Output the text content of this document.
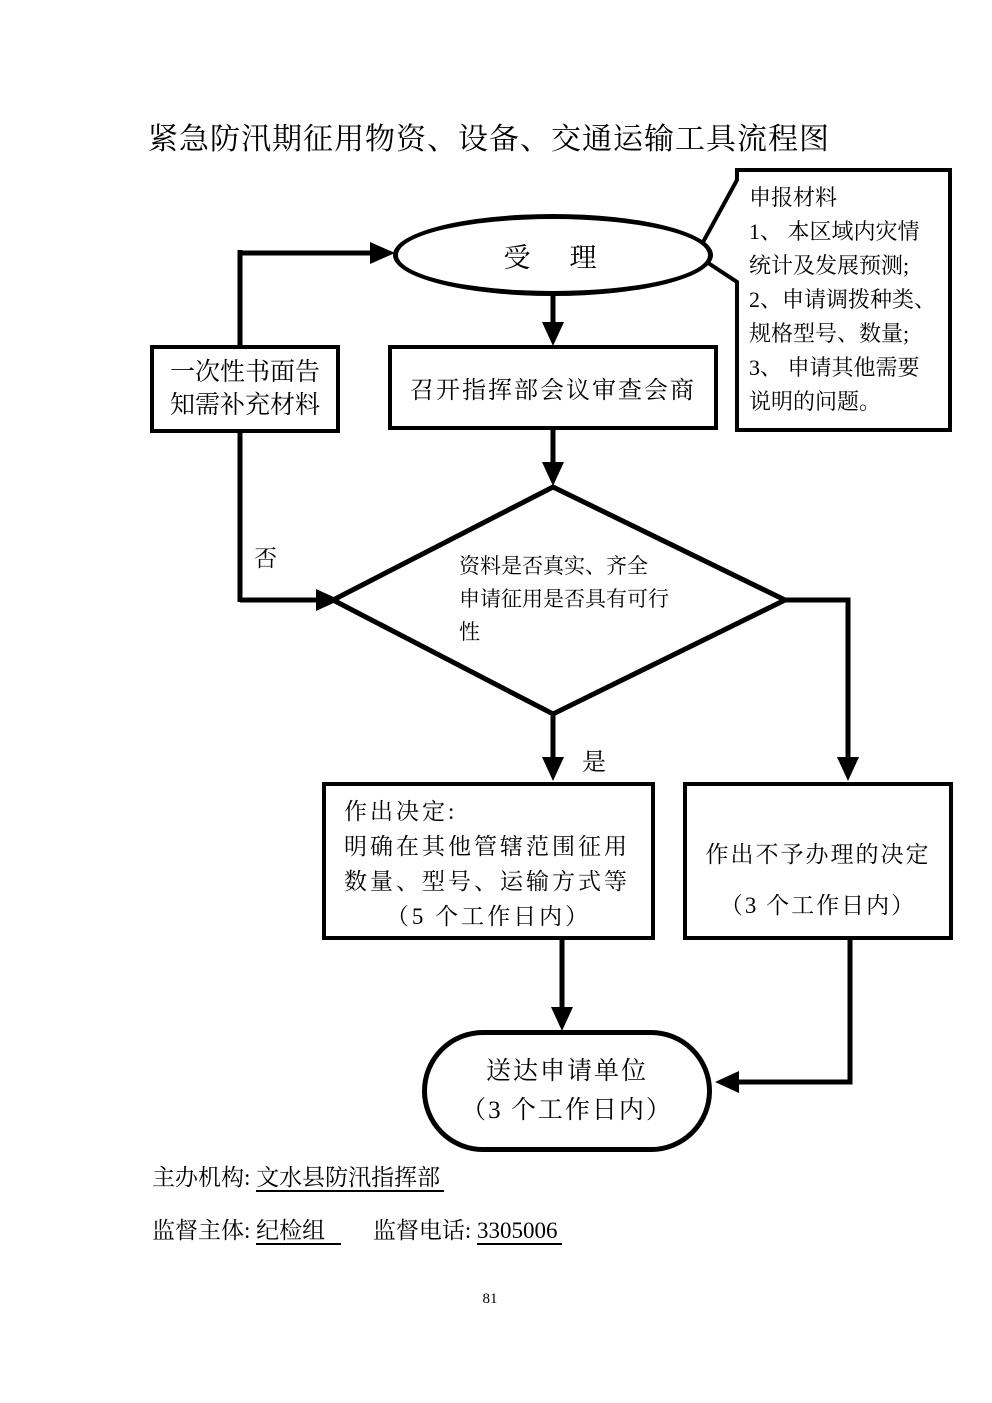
紧急防汛期征用物资、设备、交通运输工具流程图
申报材料
1、 本区域内灾情
统计及发展预测;
2、申请调拨种类、
规格型号、数量;
3、 申请其他需要
说明的问题。
受　理
一次性书面告
知需补充材料
召开指挥部会议审查会商
资料是否真实、齐全
申请征用是否具有可行
性
否
是
作出决定:
明确在其他管辖范围征用
数量、型号、运输方式等
（5 个工作日内）
作出不予办理的决定
（3 个工作日内）
送达申请单位
（3 个工作日内）
主办机构: 文水县防汛指挥部
监督主体: 纪检组 监督电话: 3305006
81
